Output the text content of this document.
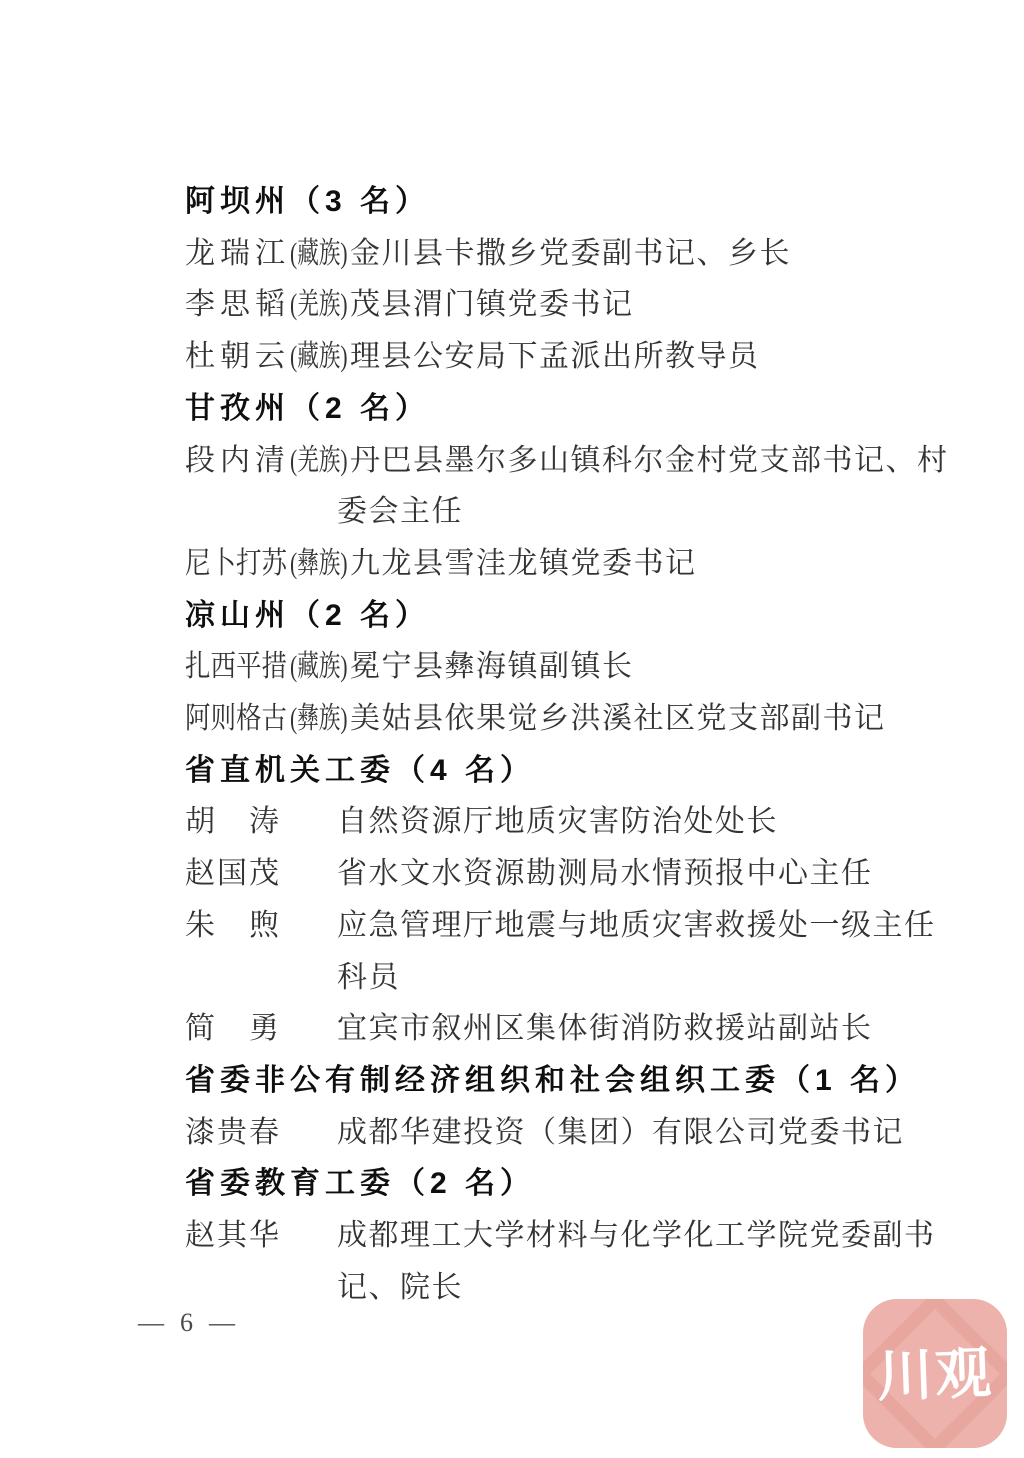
阿坝州（3 名）
龙瑞江(藏族)金川县卡撒乡党委副书记、乡长
李思韬(羌族)茂县渭门镇党委书记
杜朝云(藏族)理县公安局下孟派出所教导员
甘孜州（2 名）
段内清(羌族)丹巴县墨尔多山镇科尔金村党支部书记、村
委会主任
尼卜打苏 (彝族)九龙县雪洼龙镇党委书记
凉山州（2 名）
扎西平措 (藏族)冕宁县彝海镇副镇长
阿则格古 (彝族)美姑县依果觉乡洪溪社区党支部副书记
省直机关工委（4 名）
胡　涛 自然资源厅地质灾害防治处处长
赵国茂 省水文水资源勘测局水情预报中心主任
朱　煦 应急管理厅地震与地质灾害救援处一级主任
科员
简　勇 宜宾市叙州区集体街消防救援站副站长
省委非公有制经济组织和社会组织工委（1 名）
漆贵春 成都华建投资（集团）有限公司党委书记
省委教育工委（2 名）
赵其华 成都理工大学材料与化学化工学院党委副书
记、院长
— 6 —
川观
